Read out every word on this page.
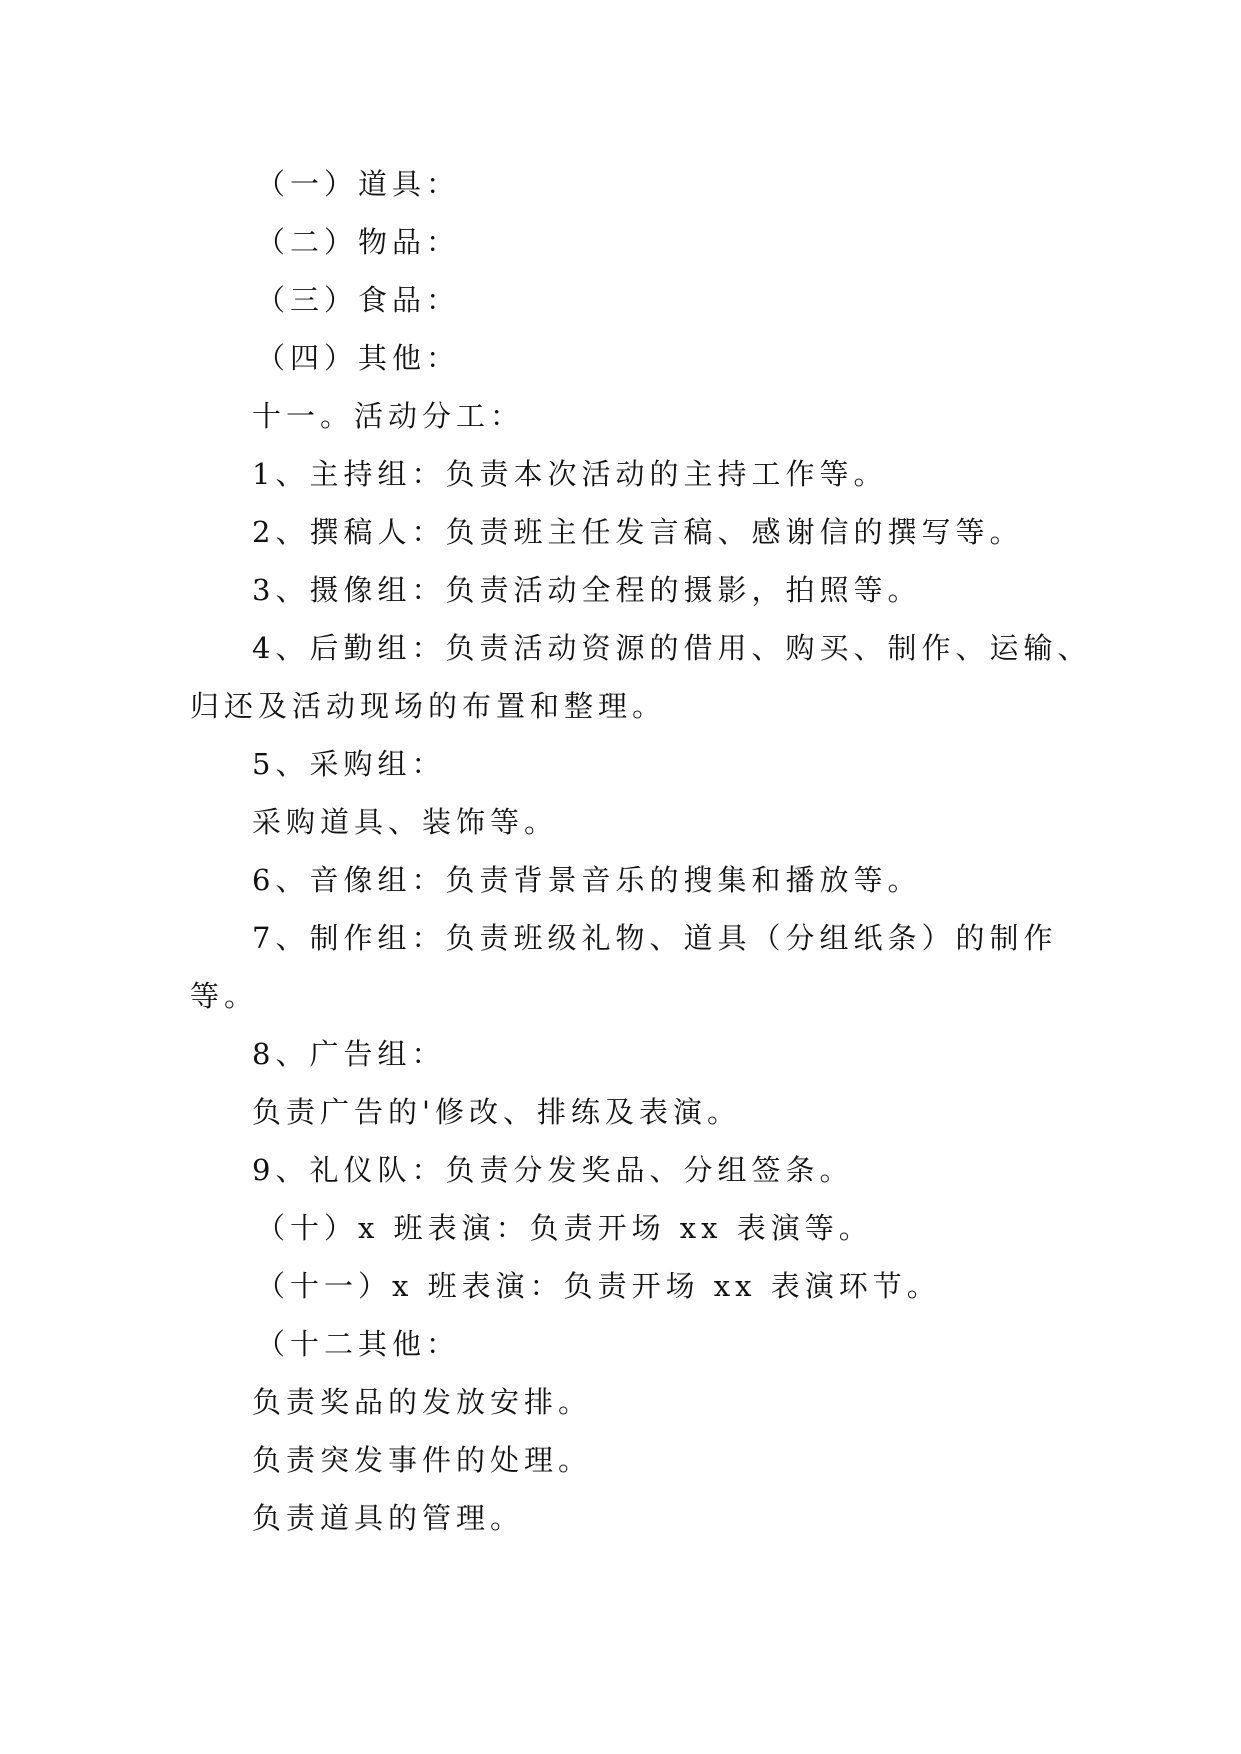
（一）道具：
（二）物品：
（三）食品：
（四）其他：
十一。活动分工：
1、主持组：负责本次活动的主持工作等。
2、撰稿人：负责班主任发言稿、感谢信的撰写等。
3、摄像组：负责活动全程的摄影，拍照等。
4、后勤组：负责活动资源的借用、购买、制作、运输、
归还及活动现场的布置和整理。
5、采购组：
采购道具、装饰等。
6、音像组：负责背景音乐的搜集和播放等。
7、制作组：负责班级礼物、道具（分组纸条）的制作
等。
8、广告组：
负责广告的'修改、排练及表演。
9、礼仪队：负责分发奖品、分组签条。
（十）x 班表演：负责开场 xx 表演等。
（十一）x 班表演：负责开场 xx 表演环节。
（十二其他：
负责奖品的发放安排。
负责突发事件的处理。
负责道具的管理。
